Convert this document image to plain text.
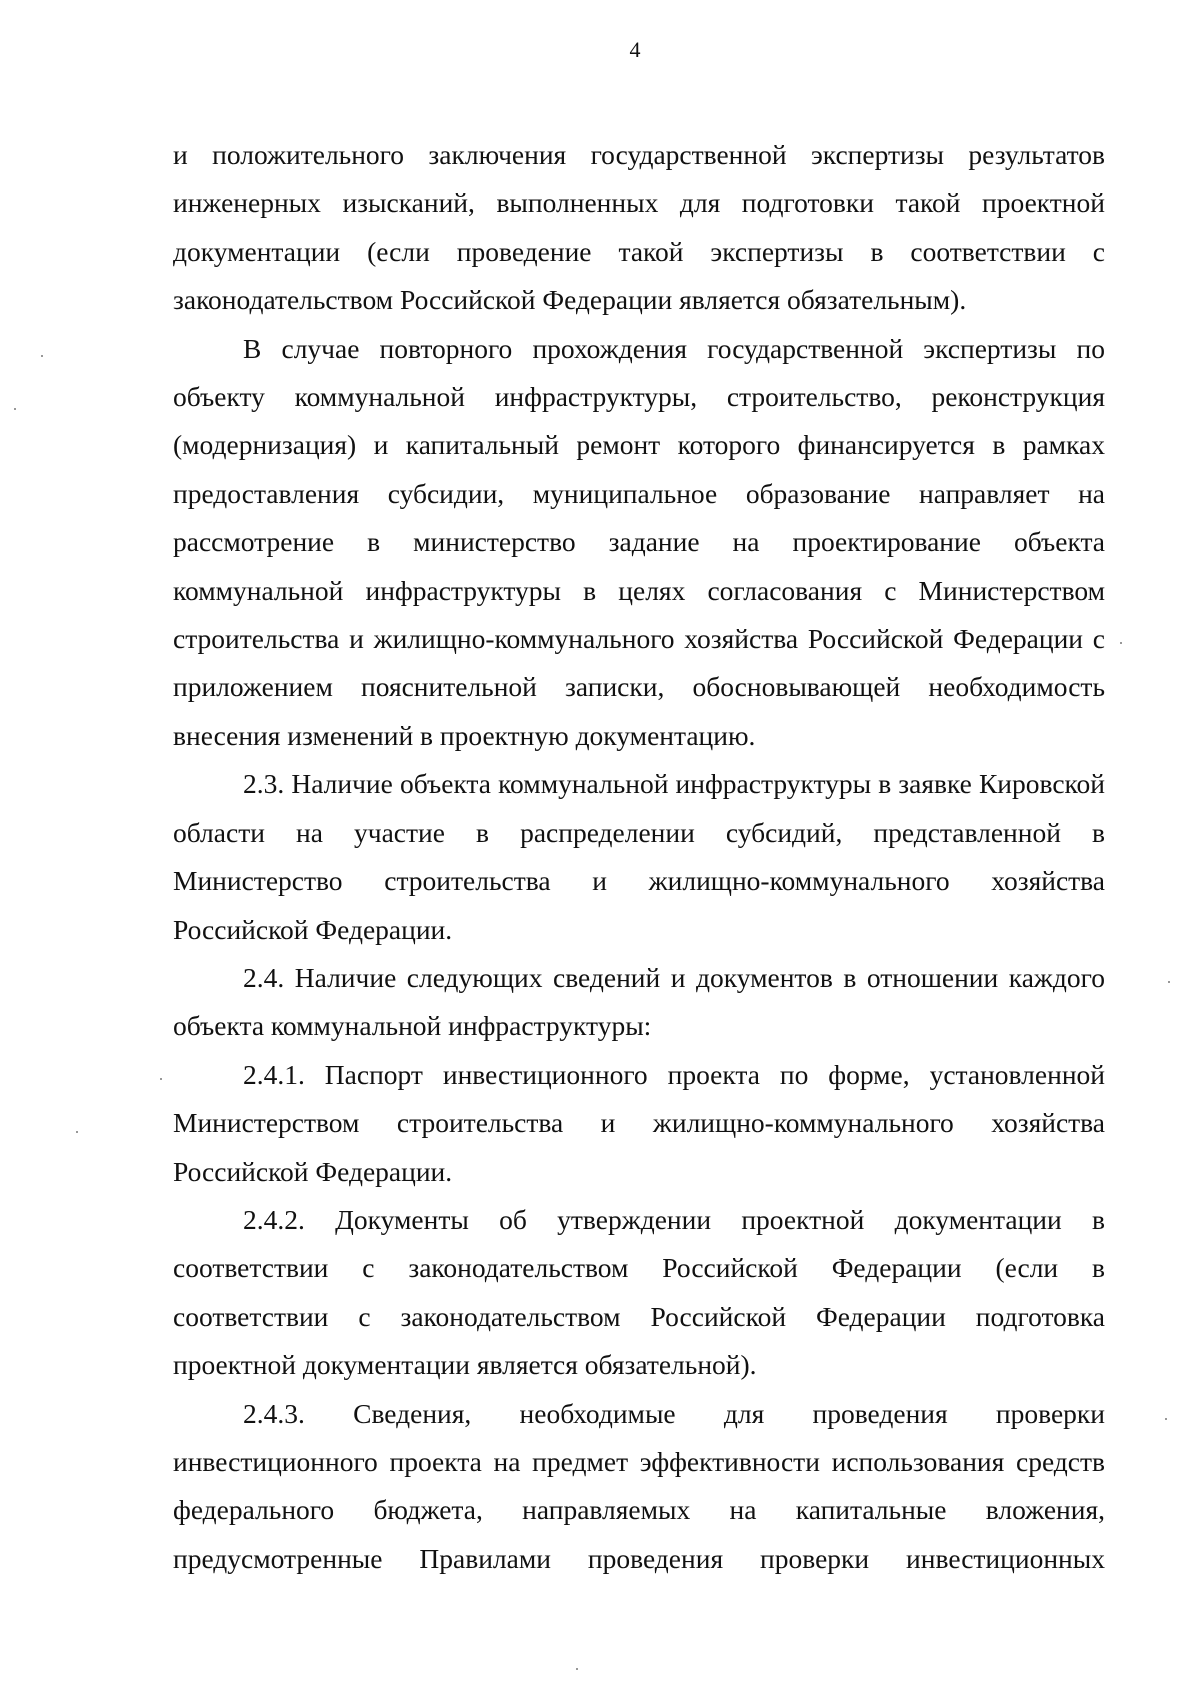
4

и положительного заключения государственной экспертизы результатов инженерных изысканий, выполненных для подготовки такой проектной документации (если проведение такой экспертизы в соответствии с законодательством Российской Федерации является обязательным).

В случае повторного прохождения государственной экспертизы по объекту коммунальной инфраструктуры, строительство, реконструкция (модернизация) и капитальный ремонт которого финансируется в рамках предоставления субсидии, муниципальное образование направляет на рассмотрение в министерство задание на проектирование объекта коммунальной инфраструктуры в целях согласования с Министерством строительства и жилищно-коммунального хозяйства Российской Федерации с приложением пояснительной записки, обосновывающей необходимость внесения изменений в проектную документацию.

2.3. Наличие объекта коммунальной инфраструктуры в заявке Кировской области на участие в распределении субсидий, представленной в Министерство строительства и жилищно-коммунального хозяйства Российской Федерации.

2.4. Наличие следующих сведений и документов в отношении каждого объекта коммунальной инфраструктуры:

2.4.1. Паспорт инвестиционного проекта по форме, установленной Министерством строительства и жилищно-коммунального хозяйства Российской Федерации.

2.4.2. Документы об утверждении проектной документации в соответствии с законодательством Российской Федерации (если в соответствии с законодательством Российской Федерации подготовка проектной документации является обязательной).

2.4.3. Сведения, необходимые для проведения проверки инвестиционного проекта на предмет эффективности использования средств федерального бюджета, направляемых на капитальные вложения, предусмотренные Правилами проведения проверки инвестиционных
